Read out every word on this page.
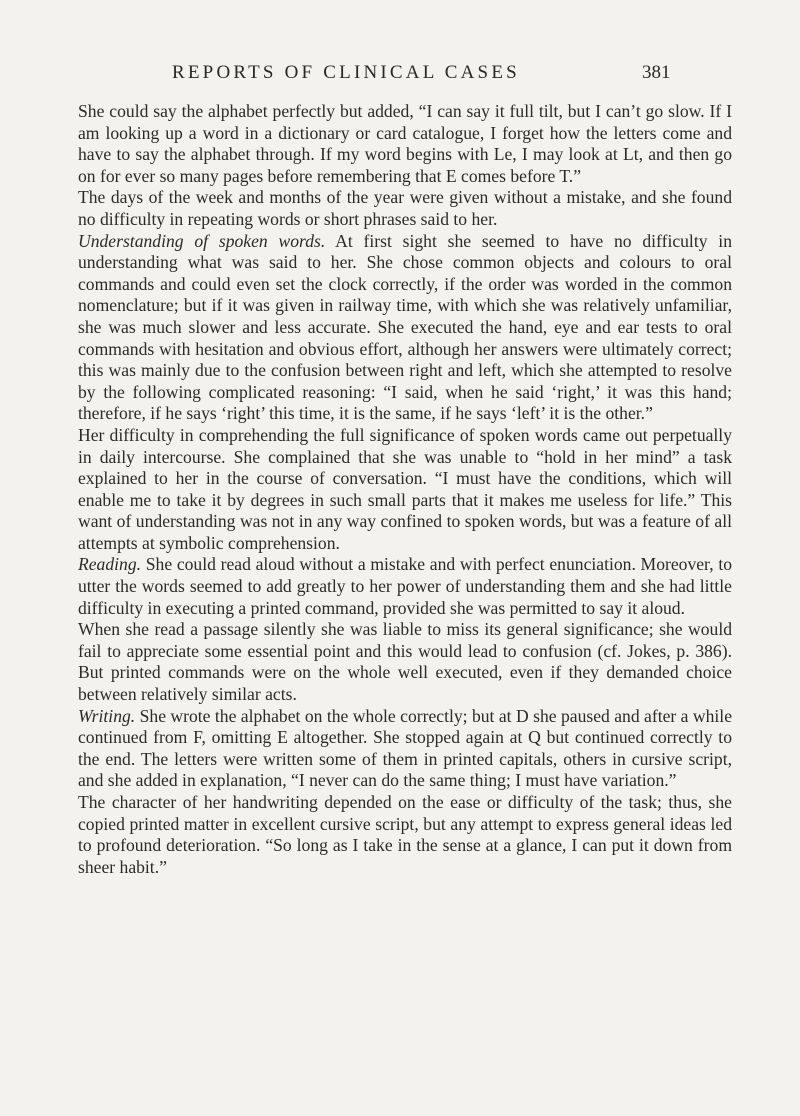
REPORTS OF CLINICAL CASES	381

She could say the alphabet perfectly but added, “I can say it full tilt, but I can’t go slow. If I am looking up a word in a dictionary or card catalogue, I forget how the letters come and have to say the alphabet through. If my word begins with Le, I may look at Lt, and then go on for ever so many pages before remembering that E comes before T.”

The days of the week and months of the year were given without a mistake, and she found no difficulty in repeating words or short phrases said to her.

Understanding of spoken words. At first sight she seemed to have no difficulty in understanding what was said to her. She chose common objects and colours to oral commands and could even set the clock correctly, if the order was worded in the common nomenclature; but if it was given in railway time, with which she was relatively unfamiliar, she was much slower and less accurate. She executed the hand, eye and ear tests to oral commands with hesitation and obvious effort, although her answers were ultimately correct; this was mainly due to the confusion between right and left, which she attempted to resolve by the following complicated reasoning: “I said, when he said ‘right,’ it was this hand; therefore, if he says ‘right’ this time, it is the same, if he says ‘left’ it is the other.”

Her difficulty in comprehending the full significance of spoken words came out perpetually in daily intercourse. She complained that she was unable to “hold in her mind” a task explained to her in the course of conversation. “I must have the conditions, which will enable me to take it by degrees in such small parts that it makes me useless for life.” This want of understanding was not in any way confined to spoken words, but was a feature of all attempts at symbolic comprehension.

Reading. She could read aloud without a mistake and with perfect enunciation. Moreover, to utter the words seemed to add greatly to her power of understanding them and she had little difficulty in executing a printed command, provided she was permitted to say it aloud.

When she read a passage silently she was liable to miss its general significance; she would fail to appreciate some essential point and this would lead to confusion (cf. Jokes, p. 386). But printed commands were on the whole well executed, even if they demanded choice between relatively similar acts.

Writing. She wrote the alphabet on the whole correctly; but at D she paused and after a while continued from F, omitting E altogether. She stopped again at Q but continued correctly to the end. The letters were written some of them in printed capitals, others in cursive script, and she added in explanation, “I never can do the same thing; I must have variation.”

The character of her handwriting depended on the ease or difficulty of the task; thus, she copied printed matter in excellent cursive script, but any attempt to express general ideas led to profound deterioration. “So long as I take in the sense at a glance, I can put it down from sheer habit.”
